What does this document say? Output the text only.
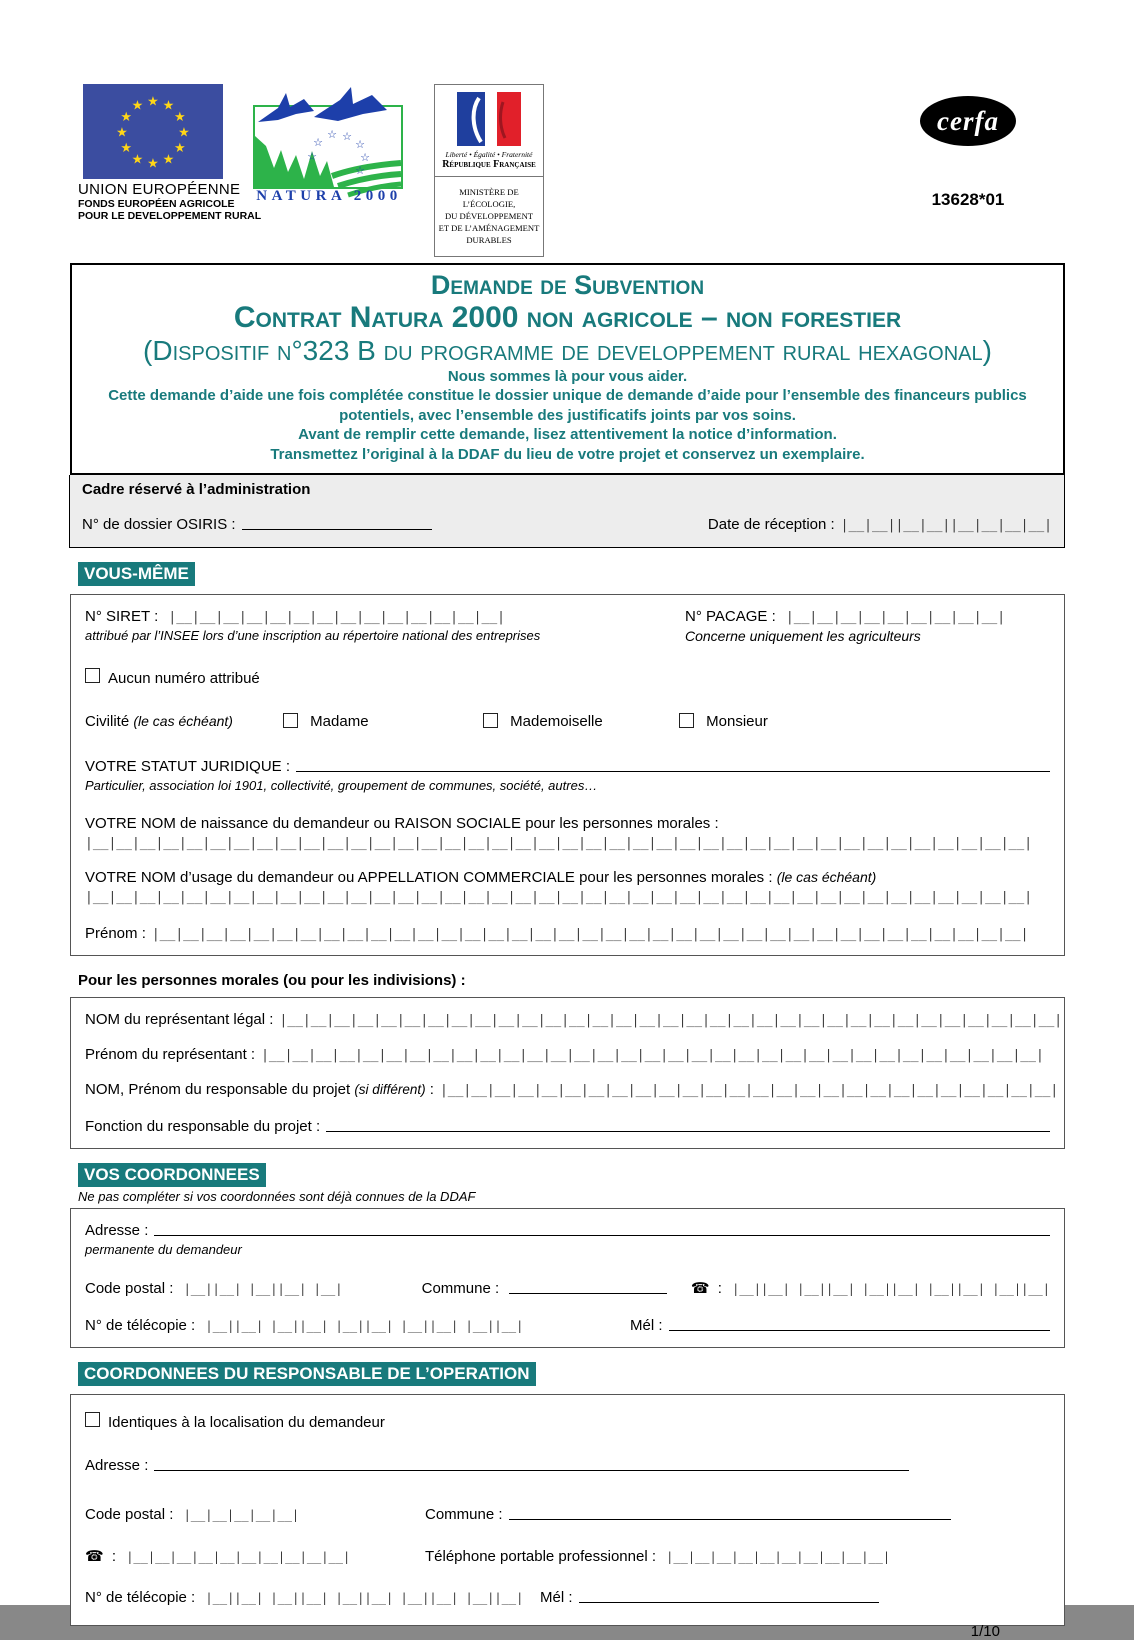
★ ★
★
★
★
★
★
★
★
★
★
★
UNION EUROPÉENNE
FONDS EUROPÉEN AGRICOLE
POUR LE DEVELOPPEMENT RURAL
☆
☆ ☆
☆
☆
☆
☆
NATURA 2000
Liberté • Égalité • Fraternité
République Française
MINISTÈRE DE L’ÉCOLOGIE,
DU DÉVELOPPEMENT
ET DE L’AMÉNAGEMENT
DURABLES
cerfa
13628*01
Demande de Subvention
Contrat Natura 2000 non agricole – non forestier
(Dispositif n°323 B du programme de developpement rural hexagonal)
Nous sommes là pour vous aider.
Cette demande d’aide une fois complétée constitue le dossier unique de demande d’aide pour l’ensemble des financeurs publics potentiels, avec l’ensemble des justificatifs joints par vos soins.
Avant de remplir cette demande, lisez attentivement la notice d’information.
Transmettez l’original à la DDAF du lieu de votre projet et conservez un exemplaire.
Cadre réservé à l’administration
N° de dossier OSIRIS :	Date de réception : |__|__||__|__||__|__|__|__|
VOUS-MÊME
N° SIRET : |__|__|__|__|__|__|__|__|__|__|__|__|__|__|
attribué par l’INSEE lors d’une inscription au répertoire national des entreprises
N° PACAGE : |__|__|__|__|__|__|__|__|__|
Concerne uniquement les agriculteurs
Aucun numéro attribué
Civilité (le cas échéant)	Madame	Mademoiselle	Monsieur
VOTRE STATUT JURIDIQUE :
Particulier, association loi 1901, collectivité, groupement de communes, société, autres…
VOTRE NOM de naissance du demandeur ou RAISON SOCIALE pour les personnes morales :
|__|__|__|__|__|__|__|__|__|__|__|__|__|__|__|__|__|__|__|__|__|__|__|__|__|__|__|__|__|__|__|__|__|__|__|__|__|__|__|__|
VOTRE NOM d’usage du demandeur ou APPELLATION COMMERCIALE pour les personnes morales : (le cas échéant)
|__|__|__|__|__|__|__|__|__|__|__|__|__|__|__|__|__|__|__|__|__|__|__|__|__|__|__|__|__|__|__|__|__|__|__|__|__|__|__|__|
Prénom : |__|__|__|__|__|__|__|__|__|__|__|__|__|__|__|__|__|__|__|__|__|__|__|__|__|__|__|__|__|__|__|__|__|__|__|__|__|
Pour les personnes morales (ou pour les indivisions) :
NOM du représentant légal : |__|__|__|__|__|__|__|__|__|__|__|__|__|__|__|__|__|__|__|__|__|__|__|__|__|__|__|__|__|__|__|__|__|
Prénom du représentant : |__|__|__|__|__|__|__|__|__|__|__|__|__|__|__|__|__|__|__|__|__|__|__|__|__|__|__|__|__|__|__|__|__|
NOM, Prénom du responsable du projet (si différent) : |__|__|__|__|__|__|__|__|__|__|__|__|__|__|__|__|__|__|__|__|__|__|__|__|__|__|
Fonction du responsable du projet :
VOS COORDONNEES
Ne pas compléter si vos coordonnées sont déjà connues de la DDAF
Adresse :
permanente du demandeur
Code postal : |__||__| |__||__| |__|	Commune :	☎ : |__||__| |__||__| |__||__| |__||__| |__||__|
N° de télécopie : |__||__| |__||__| |__||__| |__||__| |__||__|	Mél :
COORDONNEES DU RESPONSABLE DE L’OPERATION
Identiques à la localisation du demandeur
Adresse :
Code postal : |__|__|__|__|__|	Commune :
☎ : |__|__|__|__|__|__|__|__|__|__|	Téléphone portable professionnel : |__|__|__|__|__|__|__|__|__|__|
N° de télécopie : |__||__| |__||__| |__||__| |__||__| |__||__|	Mél :
1/10
